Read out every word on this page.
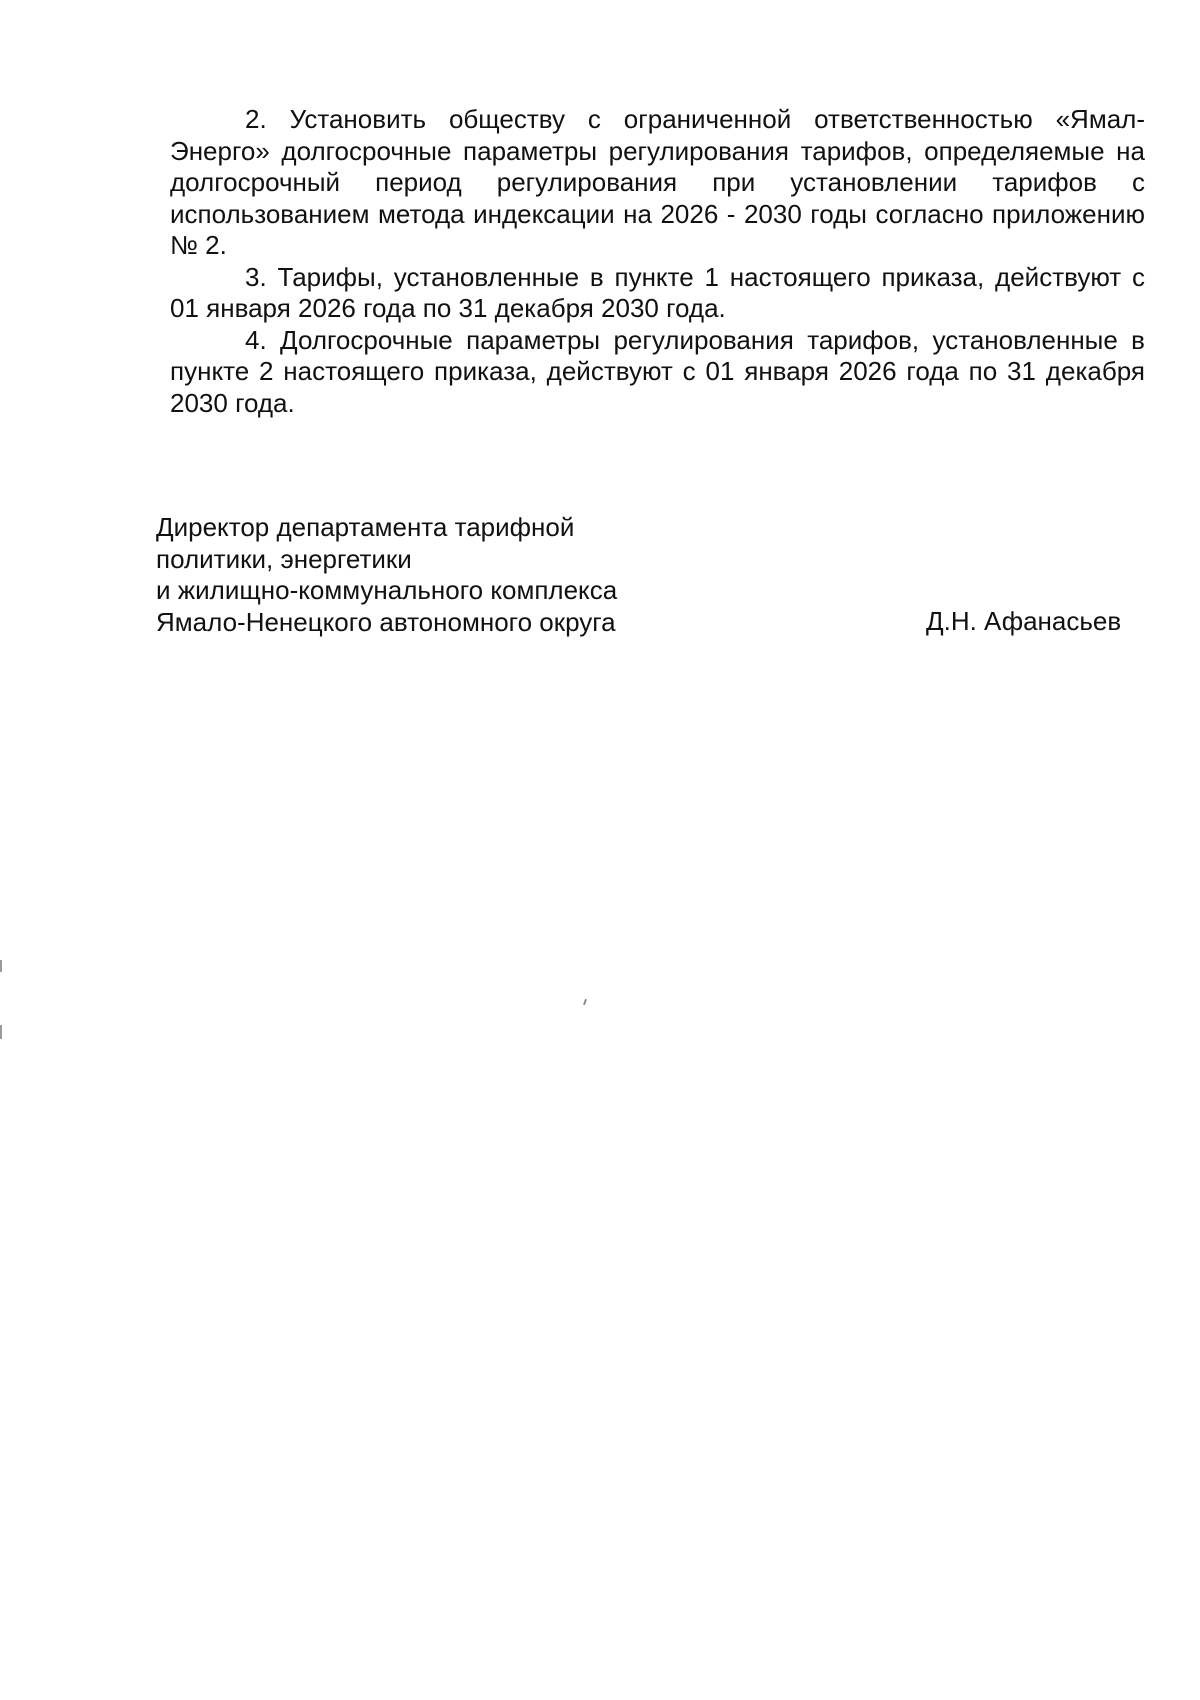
2. Установить обществу с ограниченной ответственностью «Ямал-Энерго» долгосрочные параметры регулирования тарифов, определяемые на долгосрочный период регулирования при установлении тарифов с использованием метода индексации на 2026 - 2030 годы согласно приложению № 2.

3. Тарифы, установленные в пункте 1 настоящего приказа, действуют с 01 января 2026 года по 31 декабря 2030 года.

4. Долгосрочные параметры регулирования тарифов, установленные в пункте 2 настоящего приказа, действуют с 01 января 2026 года по 31 декабря 2030 года.

Директор департамента тарифной
политики, энергетики
и жилищно-коммунального комплекса
Ямало-Ненецкого автономного округа	Д.Н. Афанасьев
